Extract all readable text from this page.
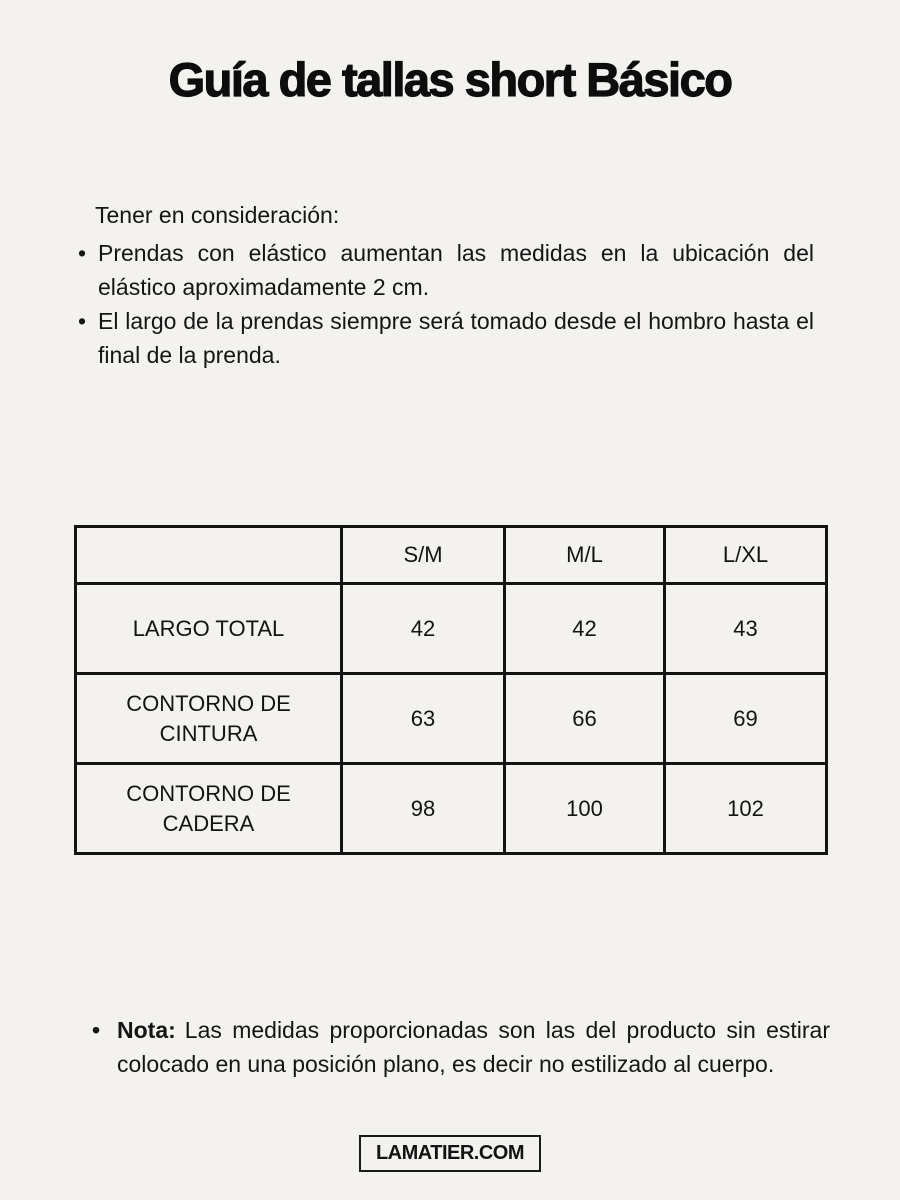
Guía de tallas short Básico
Tener en consideración:
• Prendas con elástico aumentan las medidas en la ubicación del elástico aproximadamente 2 cm.
• El largo de la prendas siempre será tomado desde el hombro hasta el final de la prenda.
	S/M	M/L	L/XL
LARGO TOTAL	42	42	43
CONTORNO DE CINTURA	63	66	69
CONTORNO DE CADERA	98	100	102
• Nota: Las medidas proporcionadas son las del producto sin estirar colocado en una posición plano, es decir no estilizado al cuerpo.
LAMATIER.COM
